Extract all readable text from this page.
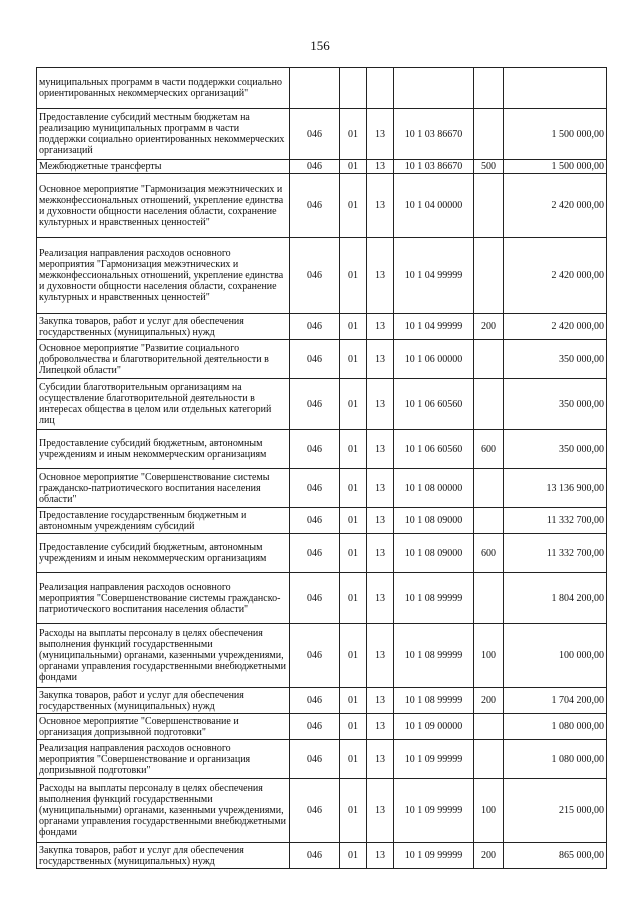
156
муниципальных программ в части поддержки социально ориентированных некоммерческих организаций"						
Предоставление субсидий местным бюджетам на реализацию муниципальных программ в части поддержки социально ориентированных некоммерческих организаций	046	01	13	10 1 03 86670		1 500 000,00
Межбюджетные трансферты	046	01	13	10 1 03 86670	500	1 500 000,00
Основное мероприятие "Гармонизация межэтнических и межконфессиональных отношений, укрепление единства и духовности общности населения области, сохранение культурных и нравственных ценностей"	046	01	13	10 1 04 00000		2 420 000,00
Реализация направления расходов основного мероприятия "Гармонизация межэтнических и межконфессиональных отношений, укрепление единства и духовности общности населения области, сохранение культурных и нравственных ценностей"	046	01	13	10 1 04 99999		2 420 000,00
Закупка товаров, работ и услуг для обеспечения государственных (муниципальных) нужд	046	01	13	10 1 04 99999	200	2 420 000,00
Основное мероприятие "Развитие социального добровольчества и благотворительной деятельности в Липецкой области"	046	01	13	10 1 06 00000		350 000,00
Субсидии благотворительным организациям на осуществление благотворительной деятельности в интересах общества в целом или отдельных категорий лиц	046	01	13	10 1 06 60560		350 000,00
Предоставление субсидий бюджетным, автономным учреждениям и иным некоммерческим организациям	046	01	13	10 1 06 60560	600	350 000,00
Основное мероприятие "Совершенствование системы гражданско-патриотического воспитания населения области"	046	01	13	10 1 08 00000		13 136 900,00
Предоставление государственным бюджетным и автономным учреждениям субсидий	046	01	13	10 1 08 09000		11 332 700,00
Предоставление субсидий бюджетным, автономным учреждениям и иным некоммерческим организациям	046	01	13	10 1 08 09000	600	11 332 700,00
Реализация направления расходов основного мероприятия "Совершенствование системы гражданско-патриотического воспитания населения области"	046	01	13	10 1 08 99999		1 804 200,00
Расходы на выплаты персоналу в целях обеспечения выполнения функций государственными (муниципальными) органами, казенными учреждениями, органами управления государственными внебюджетными фондами	046	01	13	10 1 08 99999	100	100 000,00
Закупка товаров, работ и услуг для обеспечения государственных (муниципальных) нужд	046	01	13	10 1 08 99999	200	1 704 200,00
Основное мероприятие "Совершенствование и организация допризывной подготовки"	046	01	13	10 1 09 00000		1 080 000,00
Реализация направления расходов основного мероприятия "Совершенствование и организация допризывной подготовки"	046	01	13	10 1 09 99999		1 080 000,00
Расходы на выплаты персоналу в целях обеспечения выполнения функций государственными (муниципальными) органами, казенными учреждениями, органами управления государственными внебюджетными фондами	046	01	13	10 1 09 99999	100	215 000,00
Закупка товаров, работ и услуг для обеспечения государственных (муниципальных) нужд	046	01	13	10 1 09 99999	200	865 000,00
